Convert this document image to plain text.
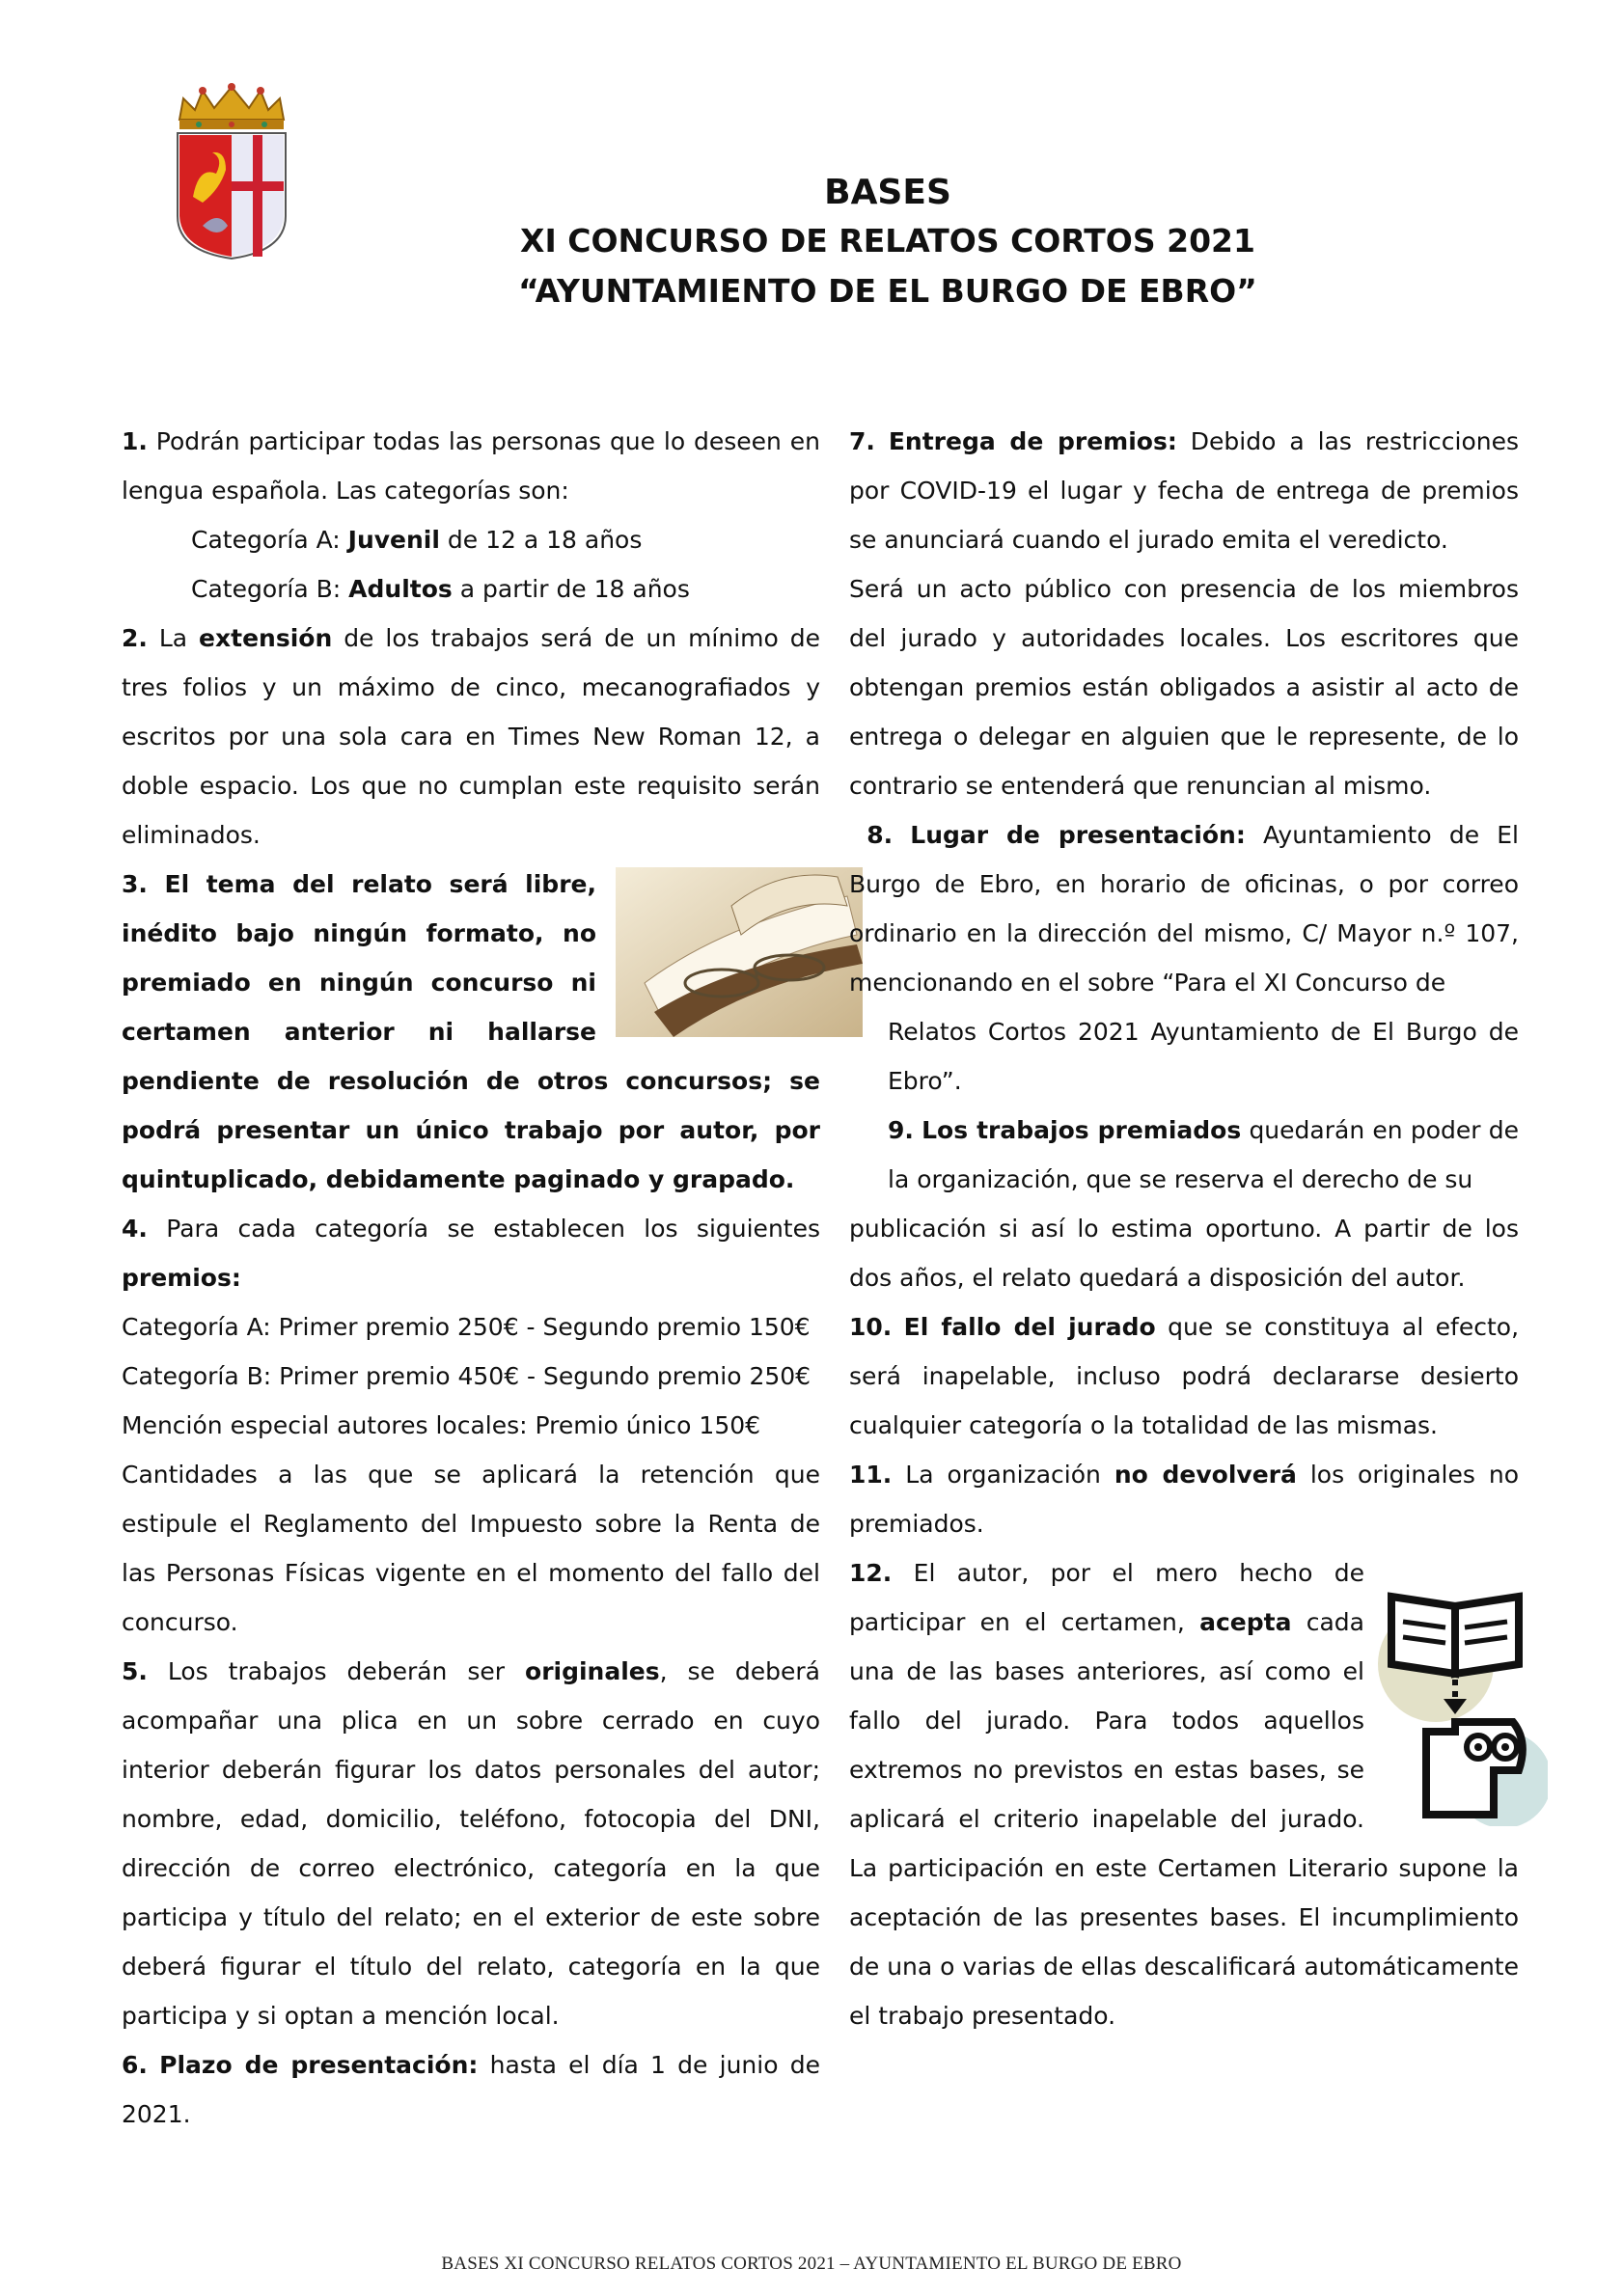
BASES
XI CONCURSO DE RELATOS CORTOS 2021
“AYUNTAMIENTO DE EL BURGO DE EBRO”

1. Podrán participar todas las personas que lo deseen en lengua española. Las categorías son:

Categoría A: Juvenil de 12 a 18 años

Categoría B: Adultos a partir de 18 años

2. La extensión de los trabajos será de un mínimo de tres folios y un máximo de cinco, mecanografiados y escritos por una sola cara en Times New Roman 12, a doble espacio. Los que no cumplan este requisito serán eliminados.

3. El tema del relato será libre, inédito bajo ningún formato, no premiado en ningún concurso ni certamen anterior ni hallarse pendiente de resolución de otros concursos; se podrá presentar un único trabajo por autor, por quintuplicado, debidamente paginado y grapado.

4. Para cada categoría se establecen los siguientes premios:

Categoría A: Primer premio 250€ - Segundo premio 150€

Categoría B: Primer premio 450€ - Segundo premio 250€

Mención especial autores locales: Premio único 150€

Cantidades a las que se aplicará la retención que estipule el Reglamento del Impuesto sobre la Renta de las Personas Físicas vigente en el momento del fallo del concurso.

5. Los trabajos deberán ser originales, se deberá acompañar una plica en un sobre cerrado en cuyo interior deberán figurar los datos personales del autor; nombre, edad, domicilio, teléfono, fotocopia del DNI, dirección de correo electrónico, categoría en la que participa y título del relato; en el exterior de este sobre deberá figurar el título del relato, categoría en la que participa y si optan a mención local.

6. Plazo de presentación: hasta el día 1 de junio de 2021.

7. Entrega de premios: Debido a las restricciones por COVID-19 el lugar y fecha de entrega de premios se anunciará cuando el jurado emita el veredicto.

Será un acto público con presencia de los miembros del jurado y autoridades locales. Los escritores que obtengan premios están obligados a asistir al acto de entrega o delegar en alguien que le represente, de lo contrario se entenderá que renuncian al mismo.

8. Lugar de presentación: Ayuntamiento de El Burgo de Ebro, en horario de oficinas, o por correo ordinario en la dirección del mismo, C/ Mayor n.º 107, mencionando en el sobre “Para el XI Concurso de

Relatos Cortos 2021 Ayuntamiento de El Burgo de Ebro”.

9. Los trabajos premiados quedarán en poder de la organización, que se reserva el derecho de su

publicación si así lo estima oportuno. A partir de los dos años, el relato quedará a disposición del autor.

10. El fallo del jurado que se constituya al efecto, será inapelable, incluso podrá declararse desierto cualquier categoría o la totalidad de las mismas.

11. La organización no devolverá los originales no premiados.

12. El autor, por el mero hecho de participar en el certamen, acepta cada una de las bases anteriores, así como el fallo del jurado. Para todos aquellos extremos no previstos en estas bases, se aplicará el criterio inapelable del jurado. La participación en este Certamen Literario supone la aceptación de las presentes bases. El incumplimiento de una o varias de ellas descalificará automáticamente el trabajo presentado.

BASES XI CONCURSO RELATOS CORTOS 2021 – AYUNTAMIENTO EL BURGO DE EBRO
